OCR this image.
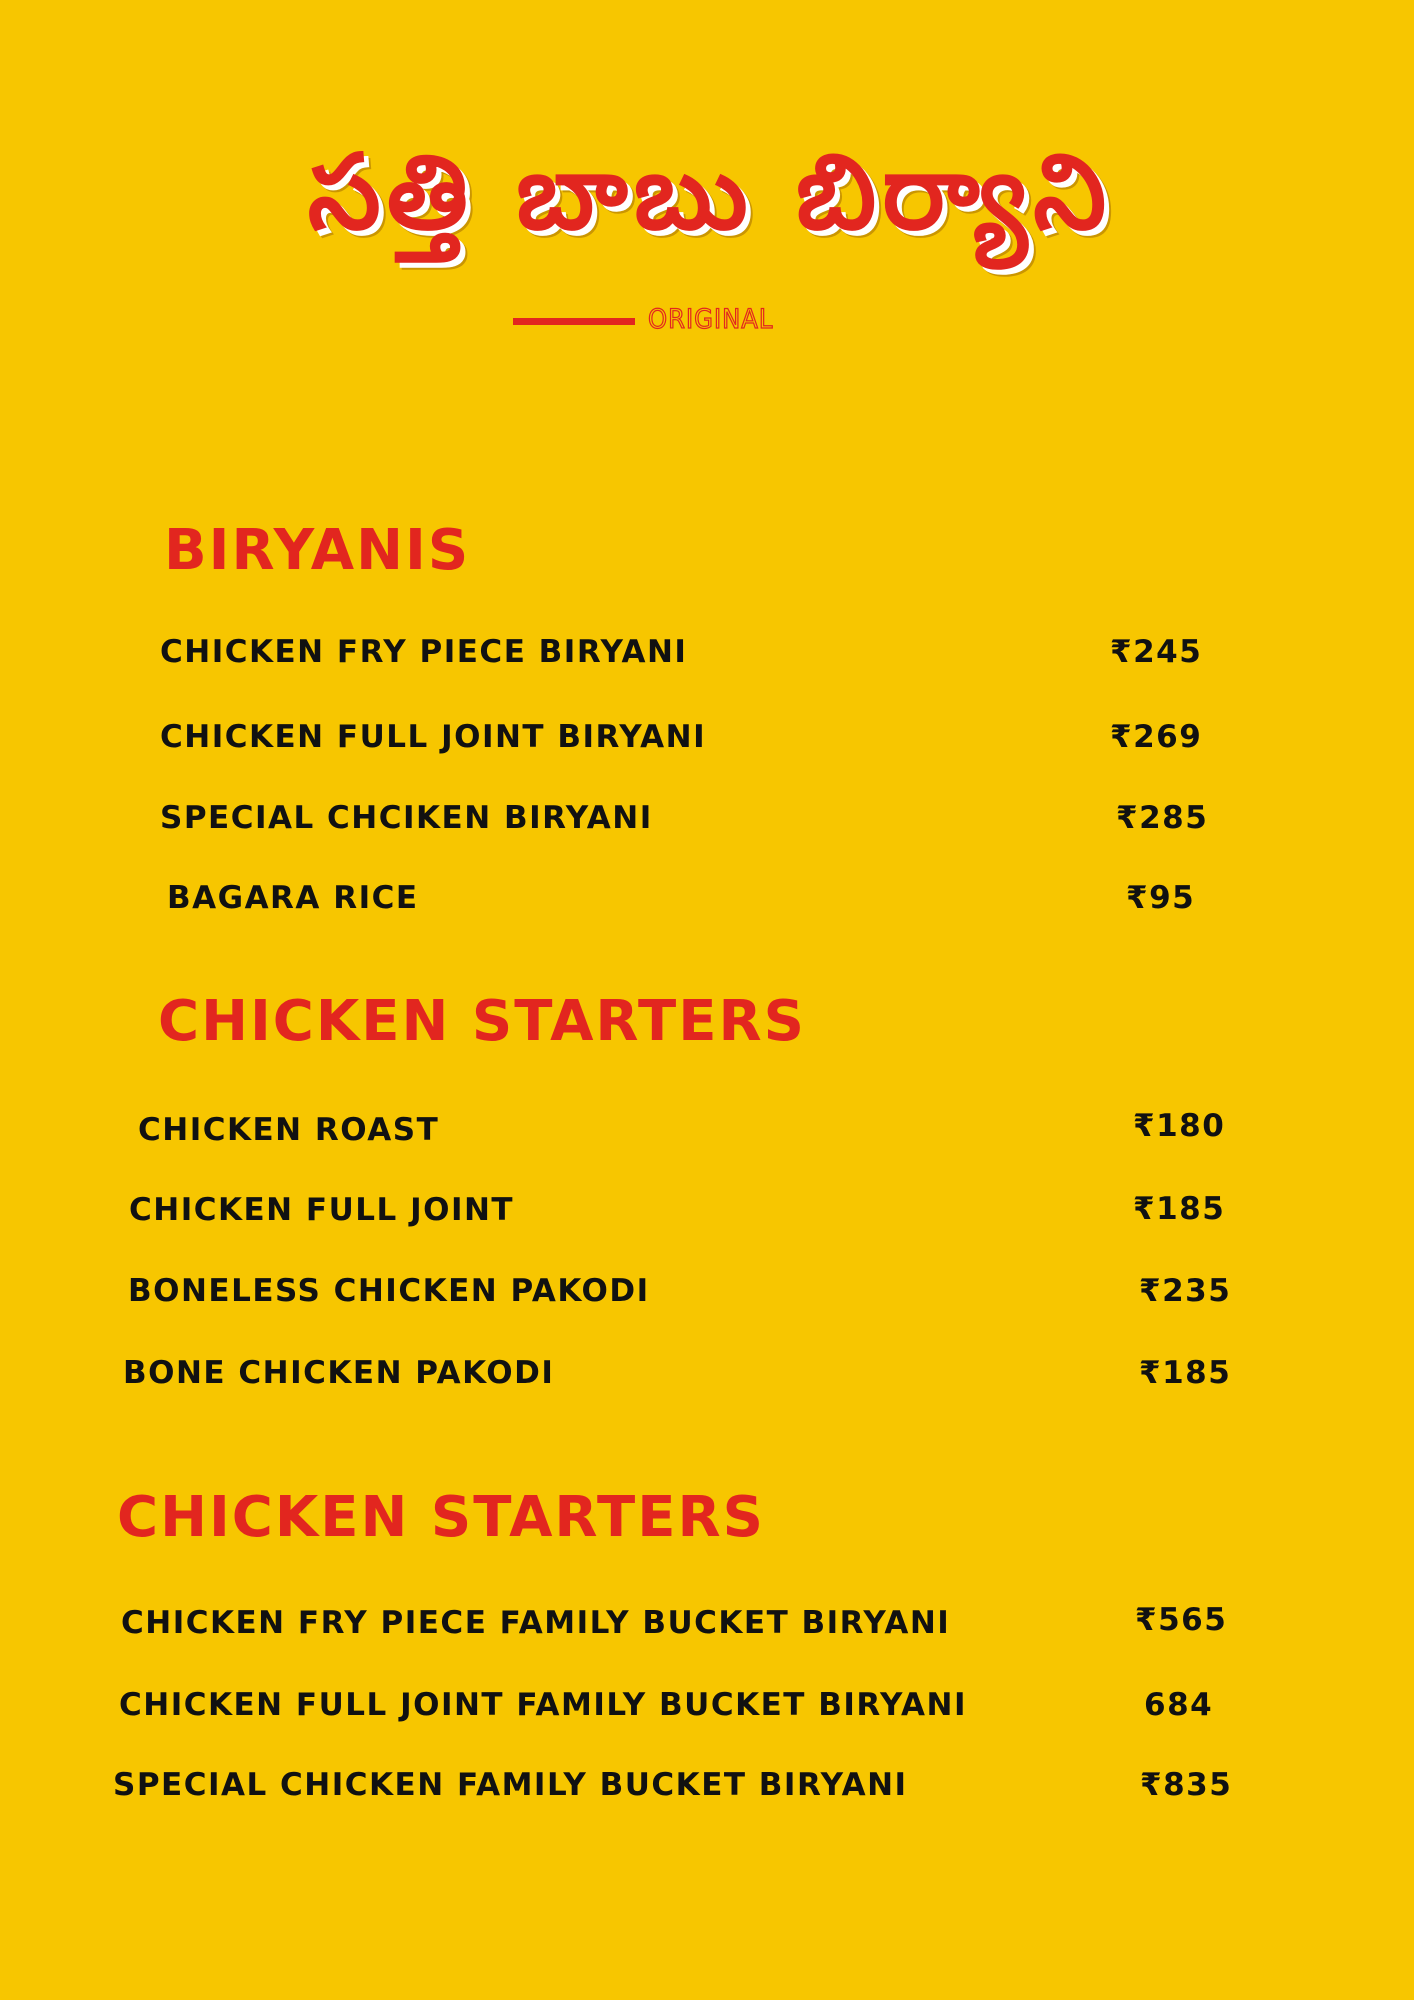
సత్తి బాబు బిర్యాని
ORIGINAL
BIRYANIS
CHICKEN FRY PIECE BIRYANI	₹245
CHICKEN FULL JOINT BIRYANI	₹269
SPECIAL CHCIKEN BIRYANI	₹285
BAGARA RICE	₹95
CHICKEN STARTERS
CHICKEN ROAST	₹180
CHICKEN FULL JOINT	₹185
BONELESS CHICKEN PAKODI	₹235
BONE CHICKEN PAKODI	₹185
CHICKEN STARTERS
CHICKEN FRY PIECE FAMILY BUCKET BIRYANI	₹565
CHICKEN FULL JOINT FAMILY BUCKET BIRYANI	684
SPECIAL CHICKEN FAMILY BUCKET BIRYANI	₹835
